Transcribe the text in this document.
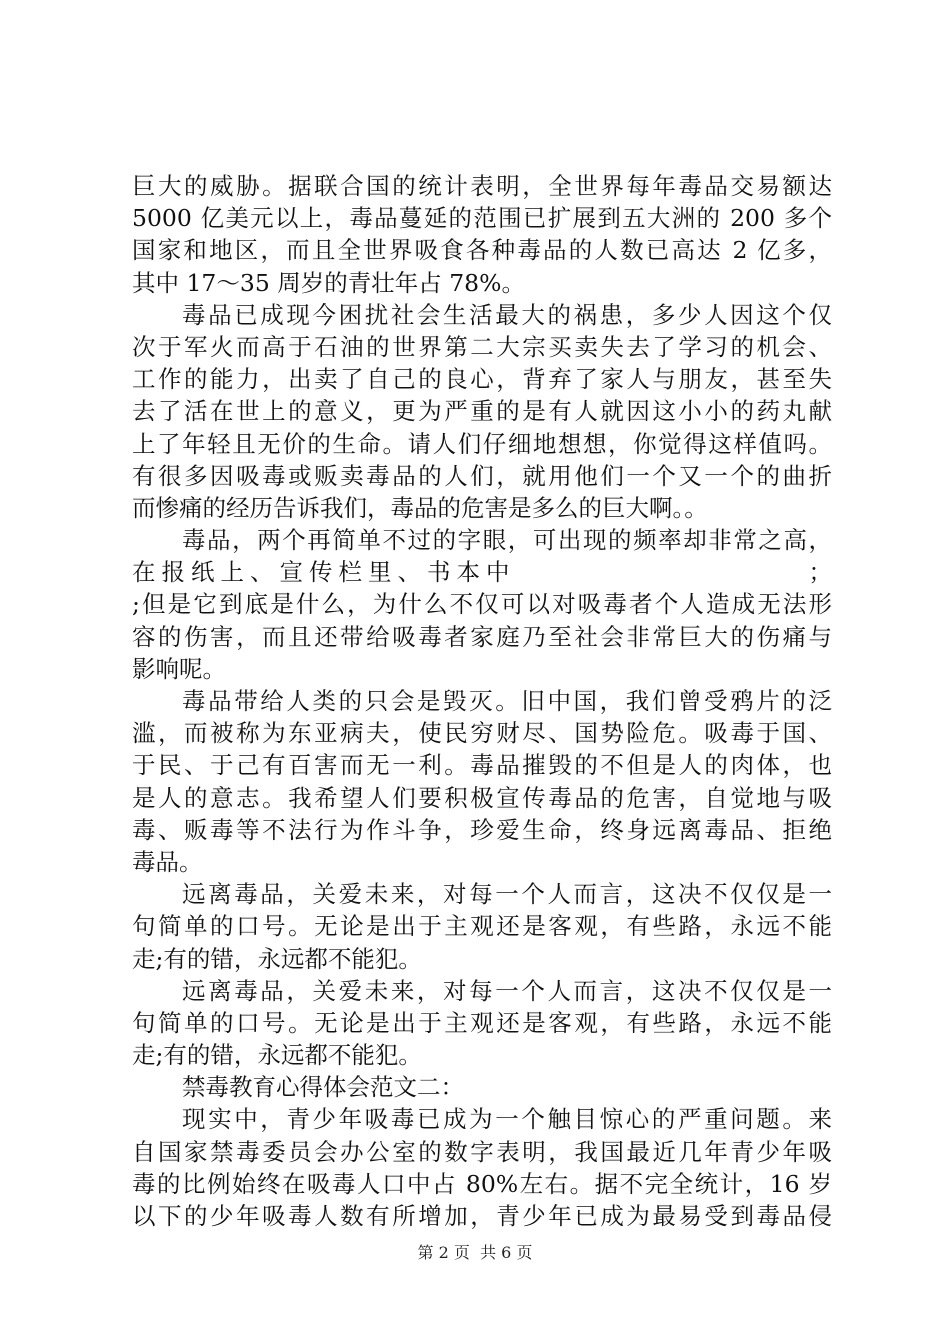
巨大的威胁。据联合国的统计表明，全世界每年毒品交易额达
5000 亿美元以上，毒品蔓延的范围已扩展到五大洲的 200 多个
国家和地区，而且全世界吸食各种毒品的人数已高达 2 亿多，
其中 17～35 周岁的青壮年占 78%。
毒品已成现今困扰社会生活最大的祸患，多少人因这个仅
次于军火而高于石油的世界第二大宗买卖失去了学习的机会、
工作的能力，出卖了自己的良心，背弃了家人与朋友，甚至失
去了活在世上的意义，更为严重的是有人就因这小小的药丸献
上了年轻且无价的生命。请人们仔细地想想，你觉得这样值吗。
有很多因吸毒或贩卖毒品的人们，就用他们一个又一个的曲折
而惨痛的经历告诉我们，毒品的危害是多么的巨大啊。。
毒品，两个再简单不过的字眼，可出现的频率却非常之高，
在报纸上、宣传栏里、书本中	；
;但是它到底是什么，为什么不仅可以对吸毒者个人造成无法形
容的伤害，而且还带给吸毒者家庭乃至社会非常巨大的伤痛与
影响呢。
毒品带给人类的只会是毁灭。旧中国，我们曾受鸦片的泛
滥，而被称为东亚病夫，使民穷财尽、国势险危。吸毒于国、
于民、于己有百害而无一利。毒品摧毁的不但是人的肉体，也
是人的意志。我希望人们要积极宣传毒品的危害，自觉地与吸
毒、贩毒等不法行为作斗争，珍爱生命，终身远离毒品、拒绝
毒品。
远离毒品，关爱未来，对每一个人而言，这决不仅仅是一
句简单的口号。无论是出于主观还是客观，有些路，永远不能
走;有的错，永远都不能犯。
远离毒品，关爱未来，对每一个人而言，这决不仅仅是一
句简单的口号。无论是出于主观还是客观，有些路，永远不能
走;有的错，永远都不能犯。
禁毒教育心得体会范文二：
现实中，青少年吸毒已成为一个触目惊心的严重问题。来
自国家禁毒委员会办公室的数字表明，我国最近几年青少年吸
毒的比例始终在吸毒人口中占 80%左右。据不完全统计，16 岁
以下的少年吸毒人数有所增加，青少年已成为最易受到毒品侵
第 2 页  共 6 页
